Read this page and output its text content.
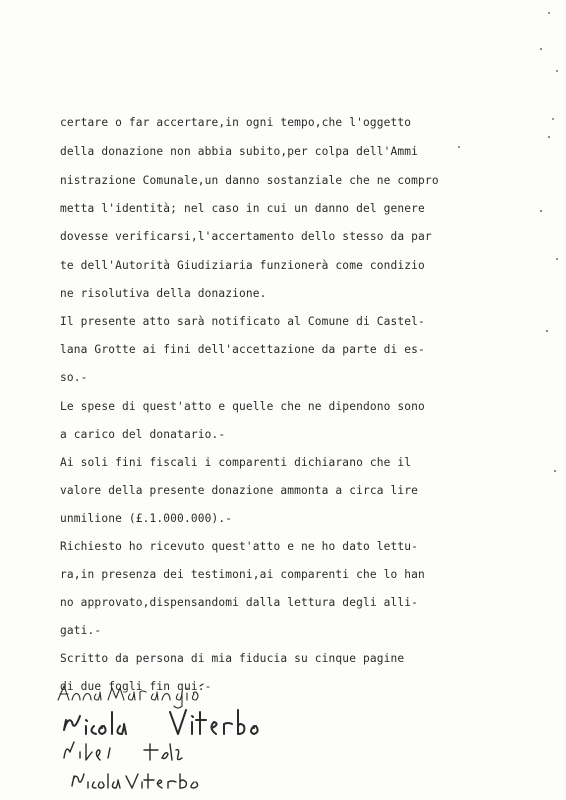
certare o far accertare,in ogni tempo,che l'oggetto
della donazione non abbia subito,per colpa dell'Ammi
nistrazione Comunale,un danno sostanziale che ne compro
metta l'identità; nel caso in cui un danno del genere
dovesse verificarsi,l'accertamento dello stesso da par
te dell'Autorità Giudiziaria funzionerà come condizio
ne risolutiva della donazione.
Il presente atto sarà notificato al Comune di Castel-
lana Grotte ai fini dell'accettazione da parte di es-
so.-
Le spese di quest'atto e quelle che ne dipendono sono
a carico del donatario.-
Ai soli fini fiscali i comparenti dichiarano che il
valore della presente donazione ammonta a circa lire
unmilione (£.1.000.000).-
Richiesto ho ricevuto quest'atto e ne ho dato lettu-
ra,in presenza dei testimoni,ai comparenti che lo han
no approvato,dispensandomi dalla lettura degli alli-
gati.-
Scritto da persona di mia fiducia su cinque pagine
di due fogli fin qui.-
